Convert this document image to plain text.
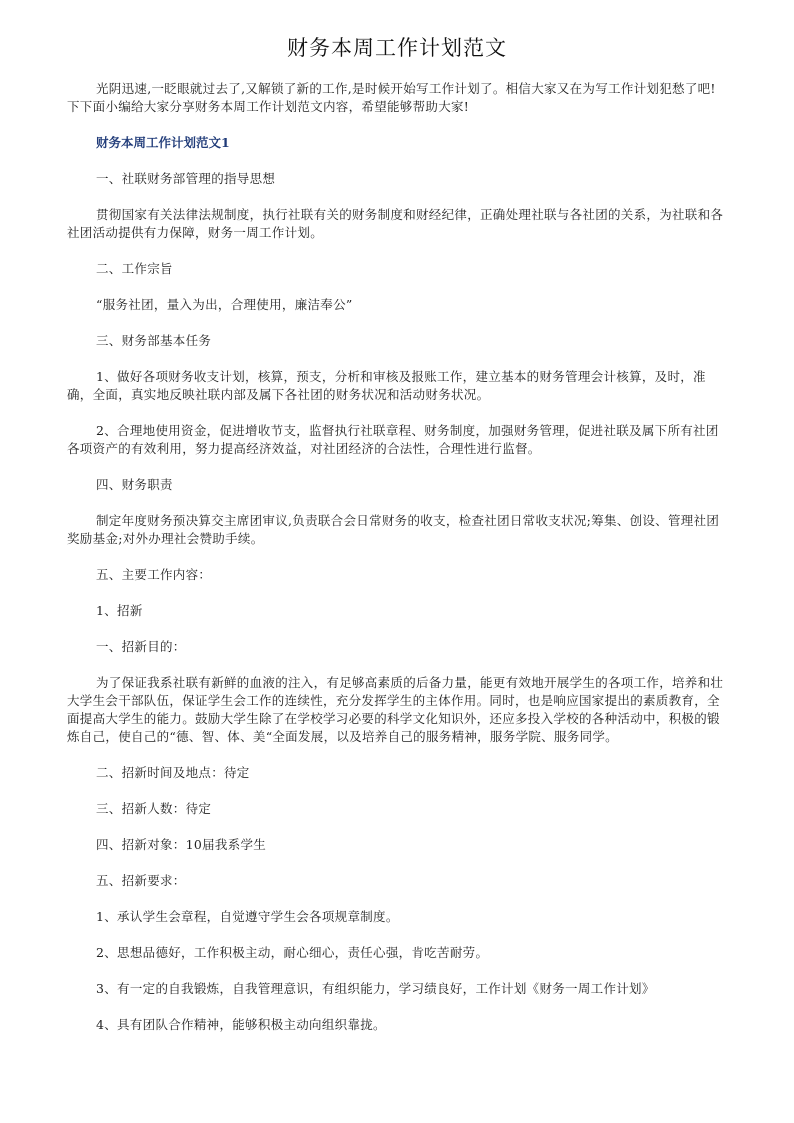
财务本周工作计划范文

光阴迅速,一眨眼就过去了,又解锁了新的工作,是时候开始写工作计划了。相信大家又在为写工作计划犯愁了吧!下下面小编给大家分享财务本周工作计划范文内容，希望能够帮助大家!

财务本周工作计划范文1

一、社联财务部管理的指导思想

贯彻国家有关法律法规制度，执行社联有关的财务制度和财经纪律，正确处理社联与各社团的关系，为社联和各社团活动提供有力保障，财务一周工作计划。

二、工作宗旨

“服务社团，量入为出，合理使用，廉洁奉公”

三、财务部基本任务

1、做好各项财务收支计划，核算，预支，分析和审核及报账工作，建立基本的财务管理会计核算，及时，准确，全面，真实地反映社联内部及属下各社团的财务状况和活动财务状况。

2、合理地使用资金，促进增收节支，监督执行社联章程、财务制度，加强财务管理，促进社联及属下所有社团各项资产的有效利用，努力提高经济效益，对社团经济的合法性，合理性进行监督。

四、财务职责

制定年度财务预决算交主席团审议,负责联合会日常财务的收支，检查社团日常收支状况;筹集、创设、管理社团奖励基金;对外办理社会赞助手续。

五、主要工作内容：

1、招新

一、招新目的：

为了保证我系社联有新鲜的血液的注入，有足够高素质的后备力量，能更有效地开展学生的各项工作，培养和壮大学生会干部队伍，保证学生会工作的连续性，充分发挥学生的主体作用。同时，也是响应国家提出的素质教育，全面提高大学生的能力。鼓励大学生除了在学校学习必要的科学文化知识外，还应多投入学校的各种活动中，积极的锻炼自己，使自己的“德、智、体、美“全面发展，以及培养自己的服务精神，服务学院、服务同学。

二、招新时间及地点：待定

三、招新人数：待定

四、招新对象：10届我系学生

五、招新要求：

1、承认学生会章程，自觉遵守学生会各项规章制度。

2、思想品德好，工作积极主动，耐心细心，责任心强，肯吃苦耐劳。

3、有一定的自我锻炼，自我管理意识，有组织能力，学习绩良好，工作计划《财务一周工作计划》

4、具有团队合作精神，能够积极主动向组织靠拢。
